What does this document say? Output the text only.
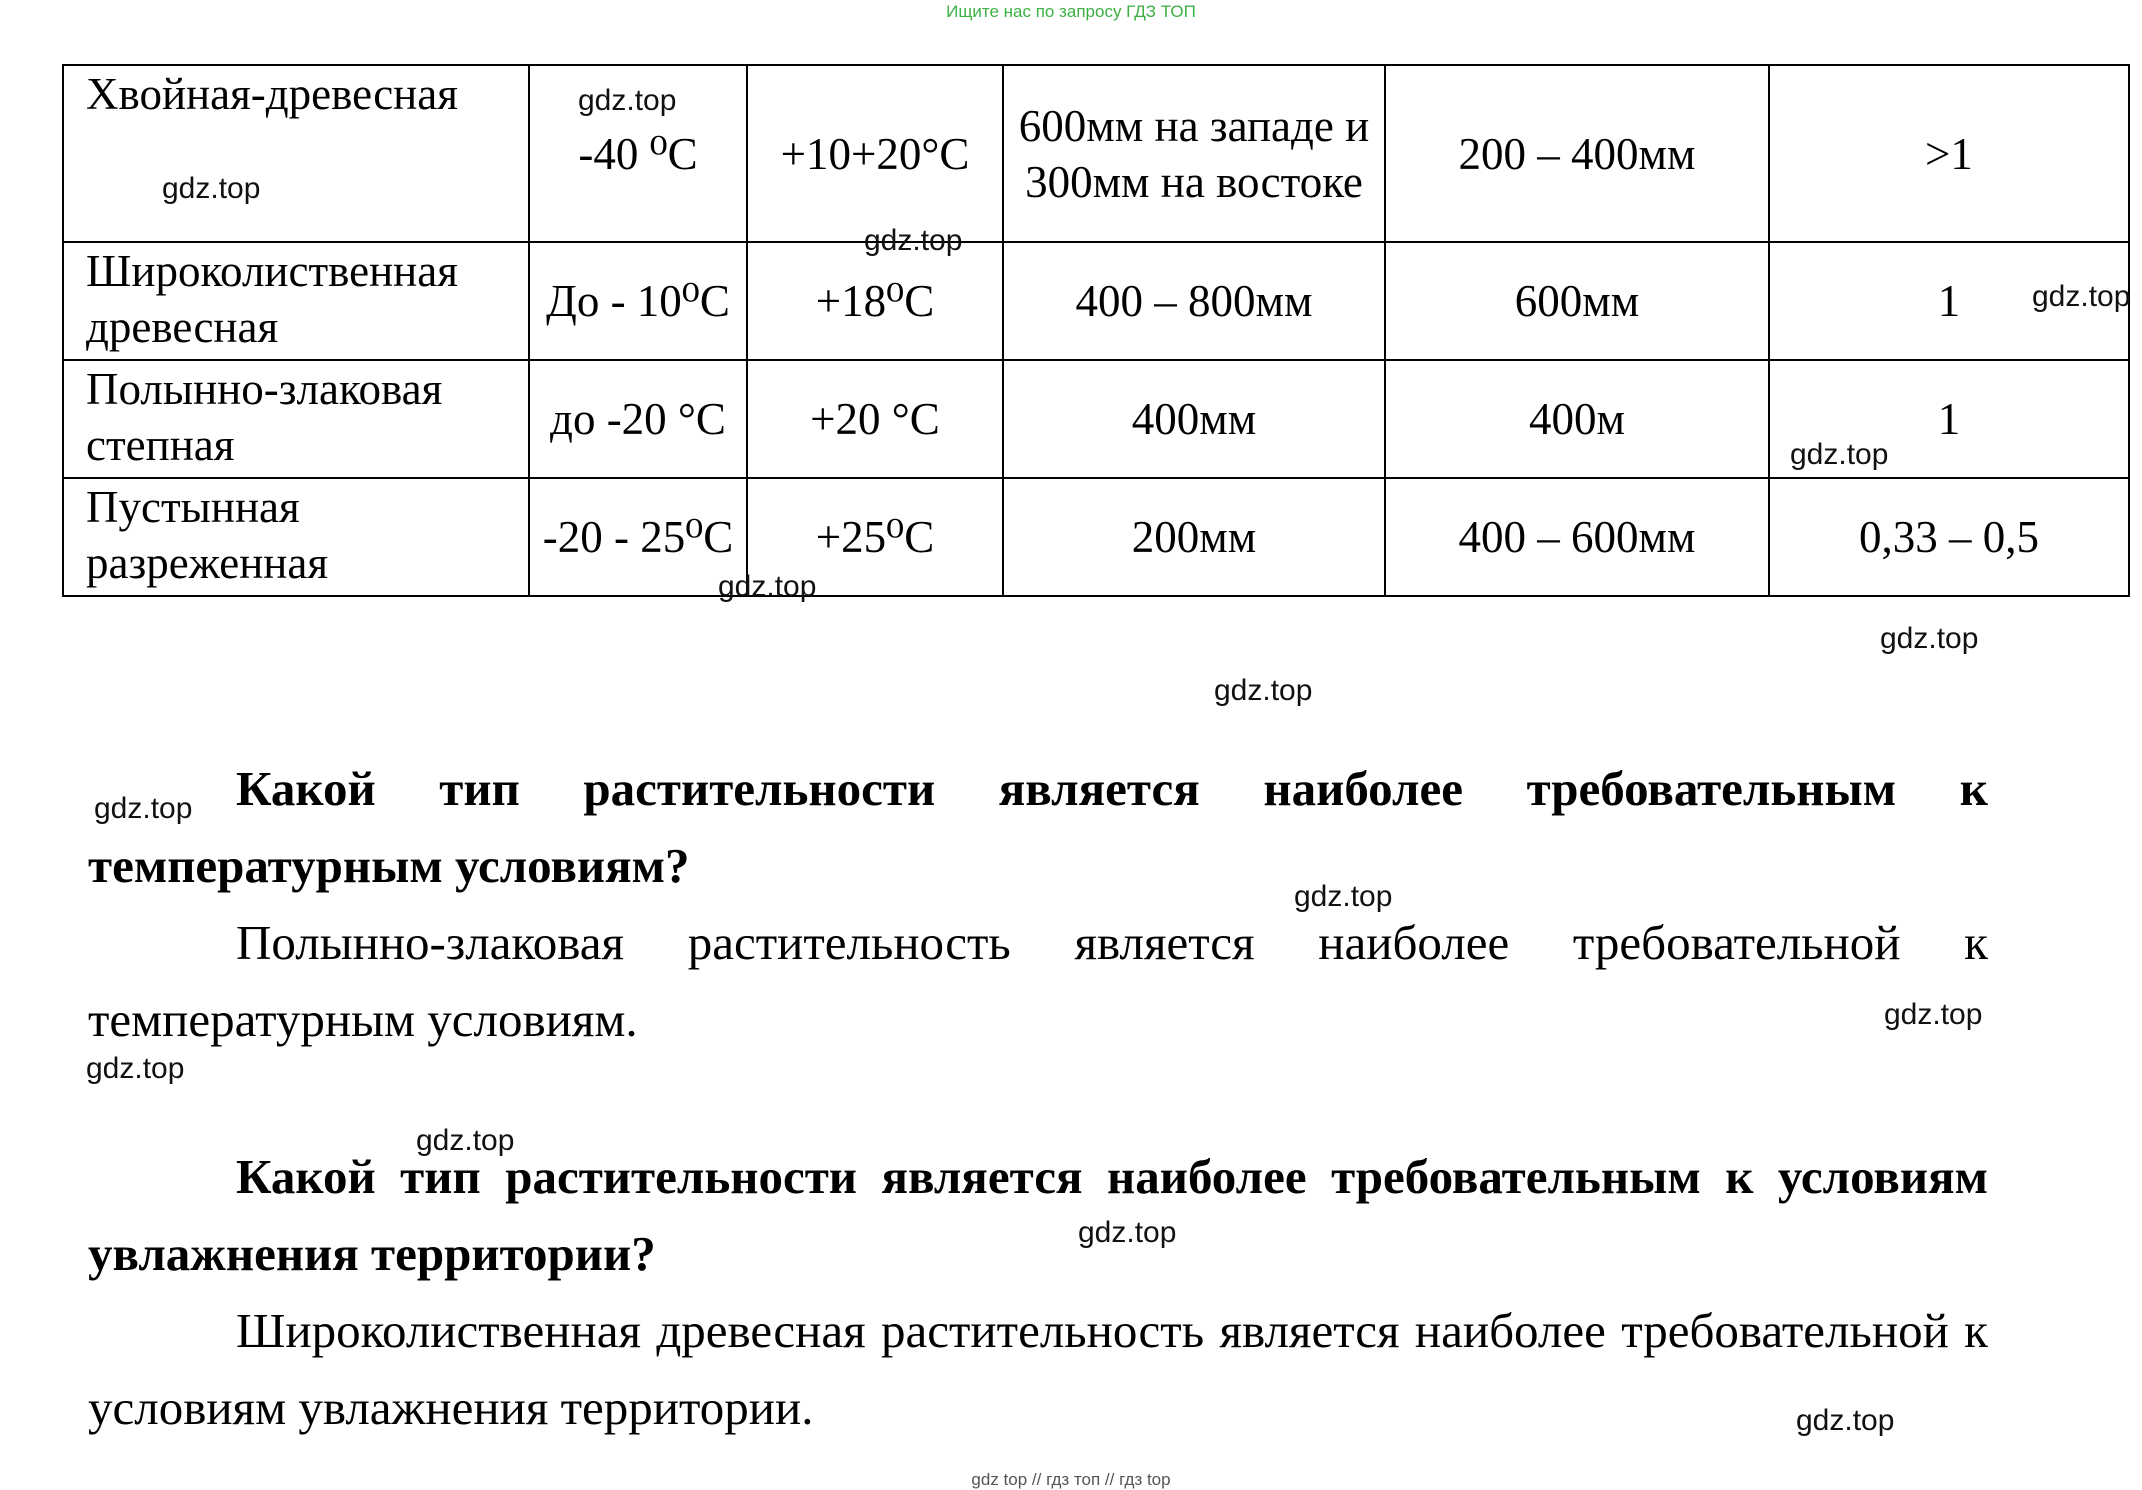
Ищите нас по запросу ГДЗ ТОП
Хвойная-древесная	-40 ⁰С	+10+20°С	600мм на западе и 300мм на востоке	200 – 400мм	>1
Широколиственная древесная	До - 10⁰С	+18⁰С	400 – 800мм	600мм	1
Полынно-злаковая степная	до -20 °С	+20 °С	400мм	400м	1
Пустынная разреженная	-20 - 25⁰С	+25⁰С	200мм	400 – 600мм	0,33 – 0,5

Какой тип растительности является наиболее требовательным к температурным условиям?

Полынно-злаковая растительность является наиболее требовательной к температурным условиям.

Какой тип растительности является наиболее требовательным к условиям увлажнения территории?

Широколиственная древесная растительность является наиболее требовательной к условиям увлажнения территории.

gdz.top
gdz.top
gdz.top
gdz.top
gdz.top
gdz.top
gdz.top
gdz.top
gdz.top
gdz.top
gdz.top
gdz.top
gdz.top
gdz.top
gdz.top
gdz top // гдз топ // гдз top
